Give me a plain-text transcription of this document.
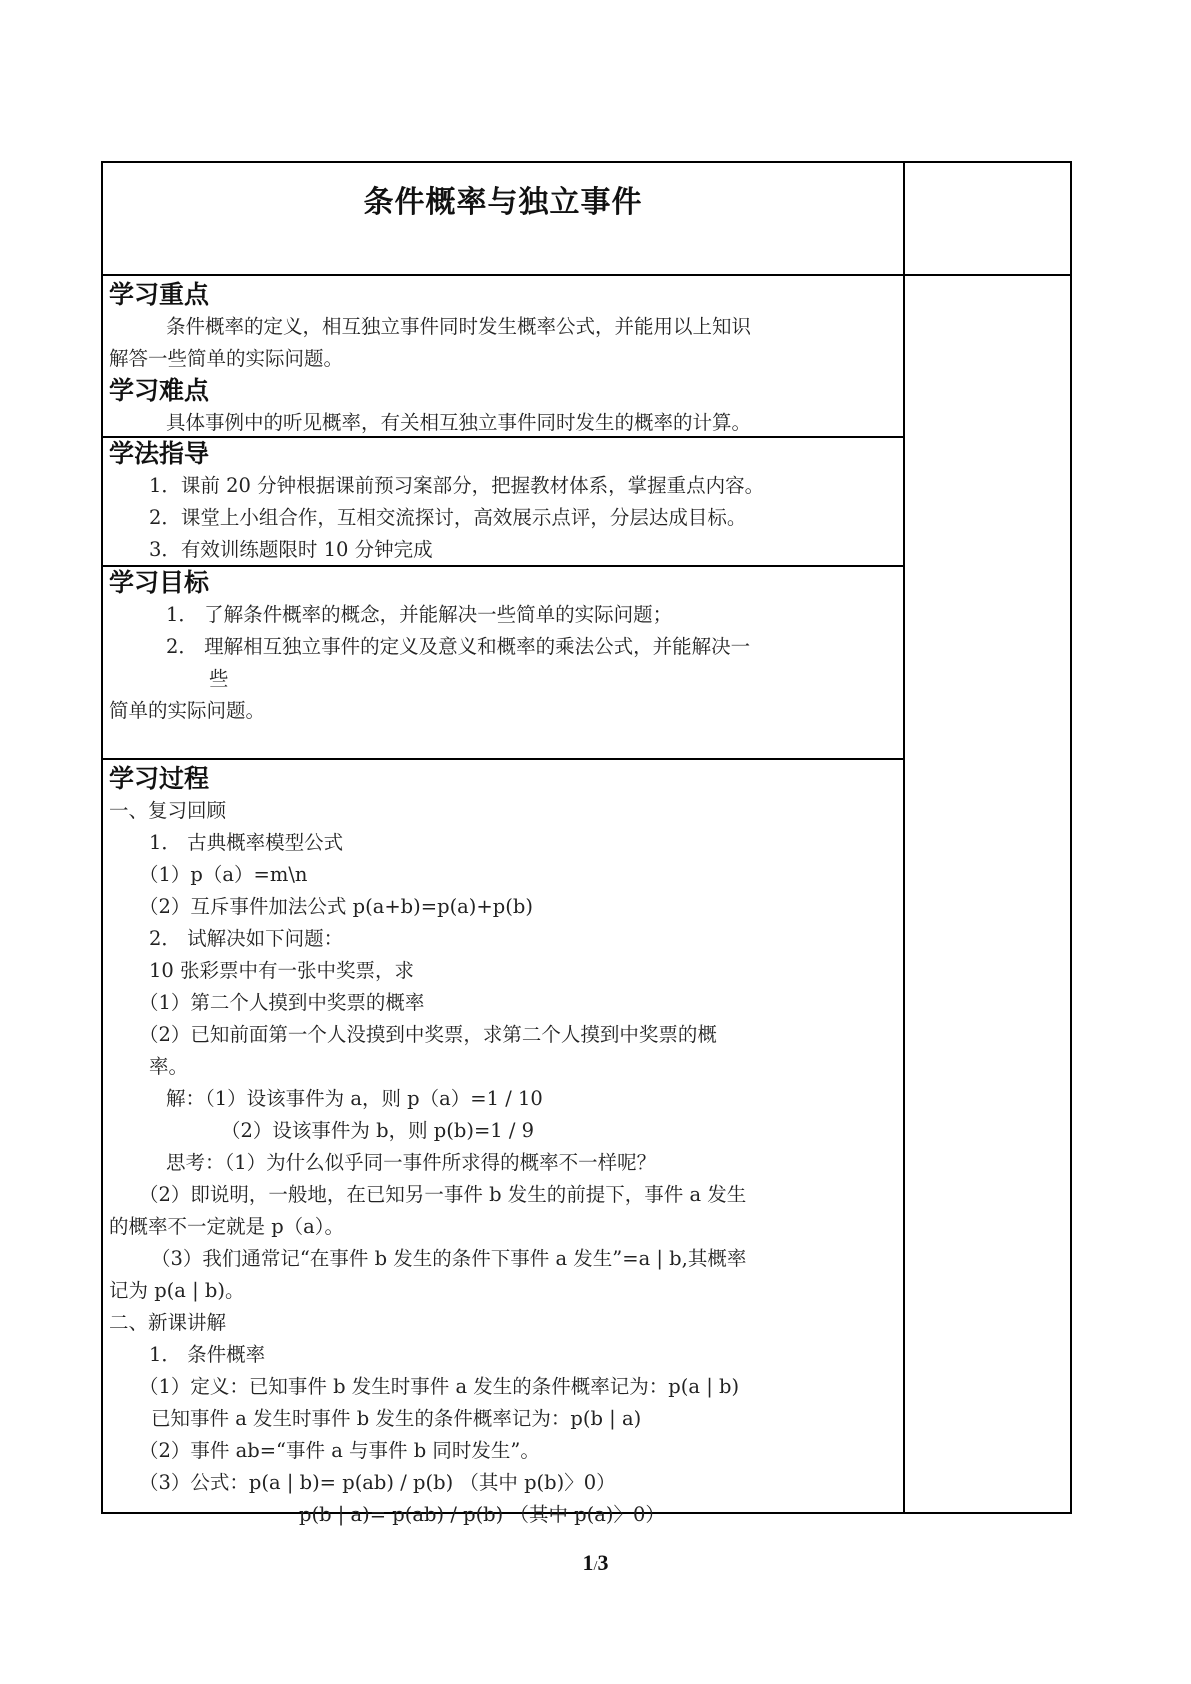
条件概率与独立事件
学习重点
条件概率的定义，相互独立事件同时发生概率公式，并能用以上知识
解答一些简单的实际问题。
学习难点
具体事例中的听见概率，有关相互独立事件同时发生的概率的计算。
学法指导
1．课前 20 分钟根据课前预习案部分，把握教材体系，掌握重点内容。
2．课堂上小组合作，互相交流探讨，高效展示点评，分层达成目标。
3．有效训练题限时 10 分钟完成
学习目标
1． 了解条件概率的概念，并能解决一些简单的实际问题；
2． 理解相互独立事件的定义及意义和概率的乘法公式，并能解决一
些
简单的实际问题。
学习过程
一、复习回顾
1． 古典概率模型公式
（1）p（a）=m\n
（2）互斥事件加法公式 p(a+b)=p(a)+p(b)
2． 试解决如下问题：
10 张彩票中有一张中奖票，求
（1）第二个人摸到中奖票的概率
（2）已知前面第一个人没摸到中奖票，求第二个人摸到中奖票的概
率。
解：（1）设该事件为 a，则 p（a）=1 / 10
（2）设该事件为 b，则 p(b)=1 / 9
思考：（1）为什么似乎同一事件所求得的概率不一样呢？
（2）即说明，一般地，在已知另一事件 b 发生的前提下，事件 a 发生
的概率不一定就是 p（a）。
（3）我们通常记“在事件 b 发生的条件下事件 a 发生”=a | b,其概率
记为 p(a | b)。
二、新课讲解
1． 条件概率
（1）定义：已知事件 b 发生时事件 a 发生的条件概率记为：p(a | b)
已知事件 a 发生时事件 b 发生的条件概率记为：p(b | a)
（2）事件 ab=“事件 a 与事件 b 同时发生”。
（3）公式：p(a | b)= p(ab) / p(b) （其中 p(b)〉0）
p(b | a)= p(ab) / p(b) （其中 p(a)〉0）
1/3
